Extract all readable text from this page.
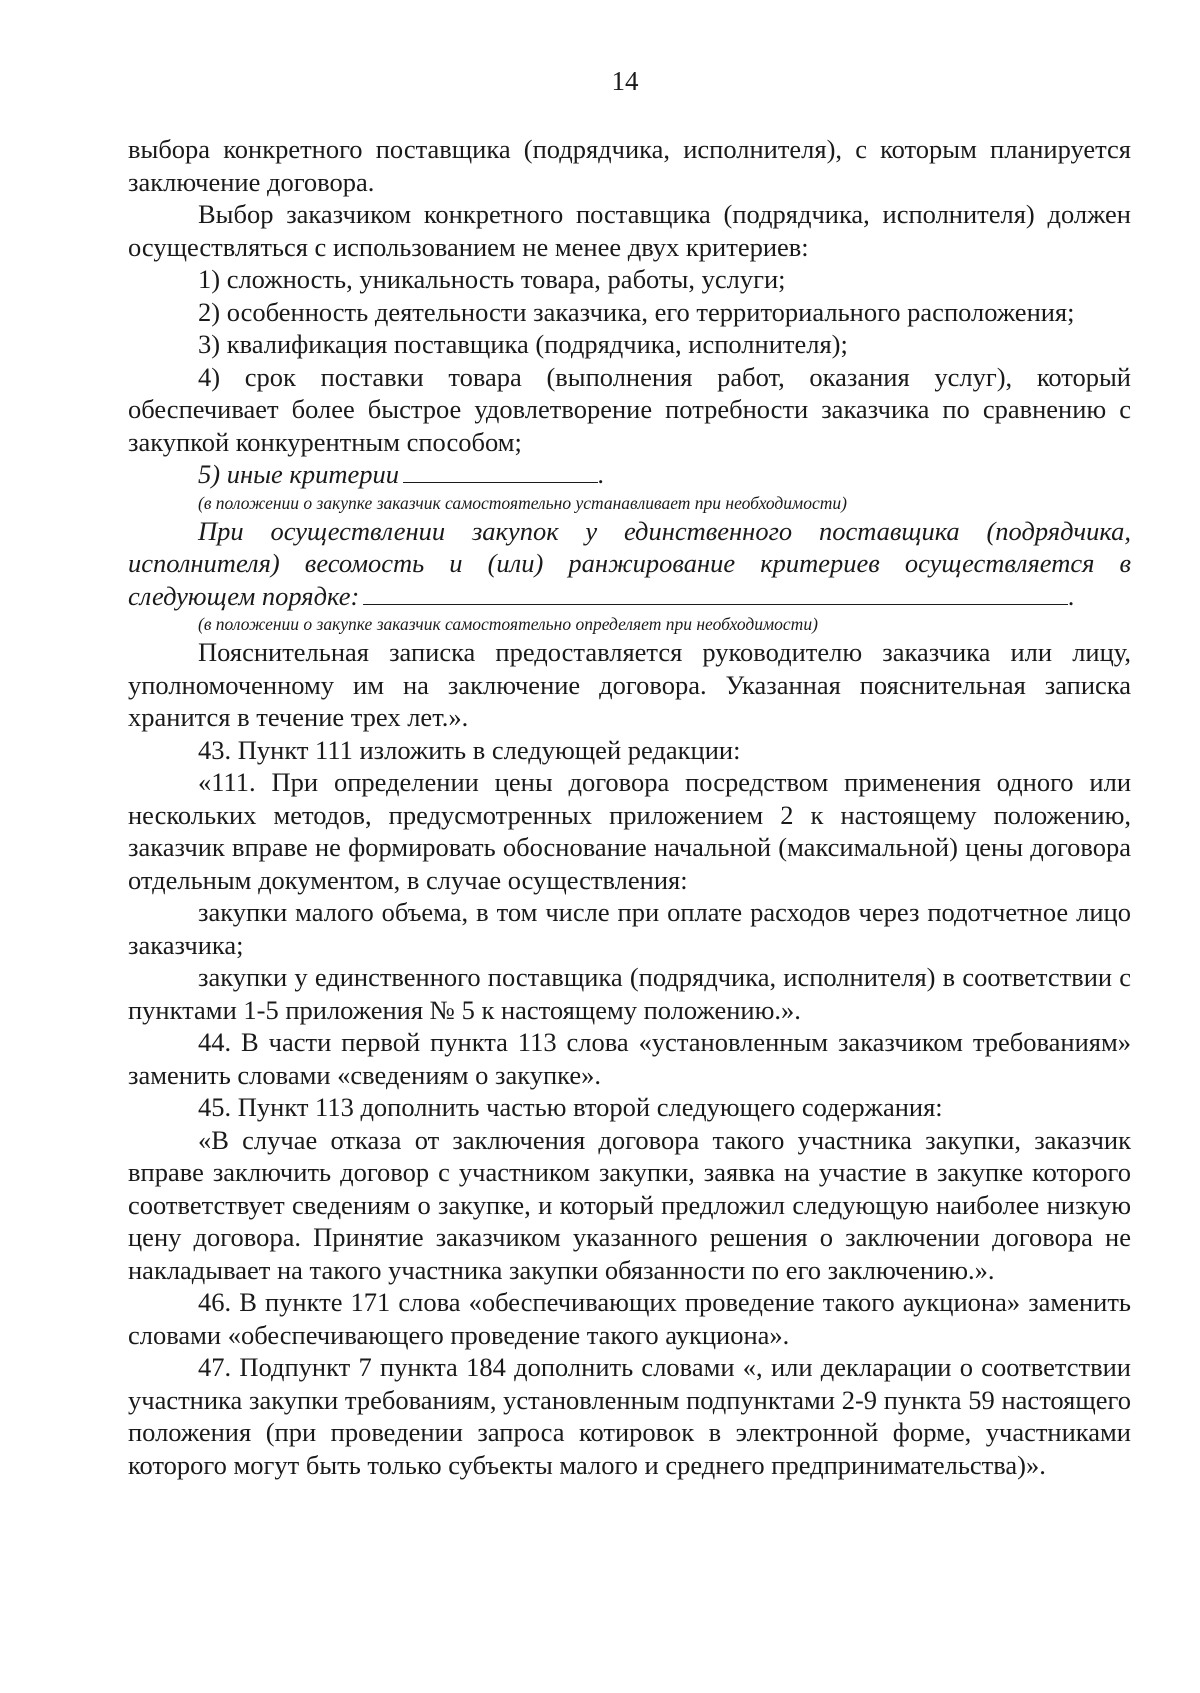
14

выбора конкретного поставщика (подрядчика, исполнителя), с которым планируется заключение договора.

Выбор заказчиком конкретного поставщика (подрядчика, исполнителя) должен осуществляться с использованием не менее двух критериев:

1) сложность, уникальность товара, работы, услуги;

2) особенность деятельности заказчика, его территориального расположения;

3) квалификация поставщика (подрядчика, исполнителя);

4) срок поставки товара (выполнения работ, оказания услуг), который обеспечивает более быстрое удовлетворение потребности заказчика по сравнению с закупкой конкурентным способом;

5) иные критерии	.

(в положении о закупке заказчик самостоятельно устанавливает при необходимости)

При осуществлении закупок у единственного поставщика (подрядчика, исполнителя) весомость и (или) ранжирование критериев осуществляется в следующем порядке:	.

(в положении о закупке заказчик самостоятельно определяет при необходимости)

Пояснительная записка предоставляется руководителю заказчика или лицу, уполномоченному им на заключение договора. Указанная пояснительная записка хранится в течение трех лет.».

43. Пункт 111 изложить в следующей редакции:

«111. При определении цены договора посредством применения одного или нескольких методов, предусмотренных приложением 2 к настоящему положению, заказчик вправе не формировать обоснование начальной (максимальной) цены договора отдельным документом, в случае осуществления:

закупки малого объема, в том числе при оплате расходов через подотчетное лицо заказчика;

закупки у единственного поставщика (подрядчика, исполнителя) в соответствии с пунктами 1-5 приложения № 5 к настоящему положению.».

44. В части первой пункта 113 слова «установленным заказчиком требованиям» заменить словами «сведениям о закупке».

45. Пункт 113 дополнить частью второй следующего содержания:

«В случае отказа от заключения договора такого участника закупки, заказчик вправе заключить договор с участником закупки, заявка на участие в закупке которого соответствует сведениям о закупке, и который предложил следующую наиболее низкую цену договора. Принятие заказчиком указанного решения о заключении договора не накладывает на такого участника закупки обязанности по его заключению.».

46. В пункте 171 слова «обеспечивающих проведение такого аукциона» заменить словами «обеспечивающего проведение такого аукциона».

47. Подпункт 7 пункта 184 дополнить словами «, или декларации о соответствии участника закупки требованиям, установленным подпунктами 2-9 пункта 59 настоящего положения (при проведении запроса котировок в электронной форме, участниками которого могут быть только субъекты малого и среднего предпринимательства)».
